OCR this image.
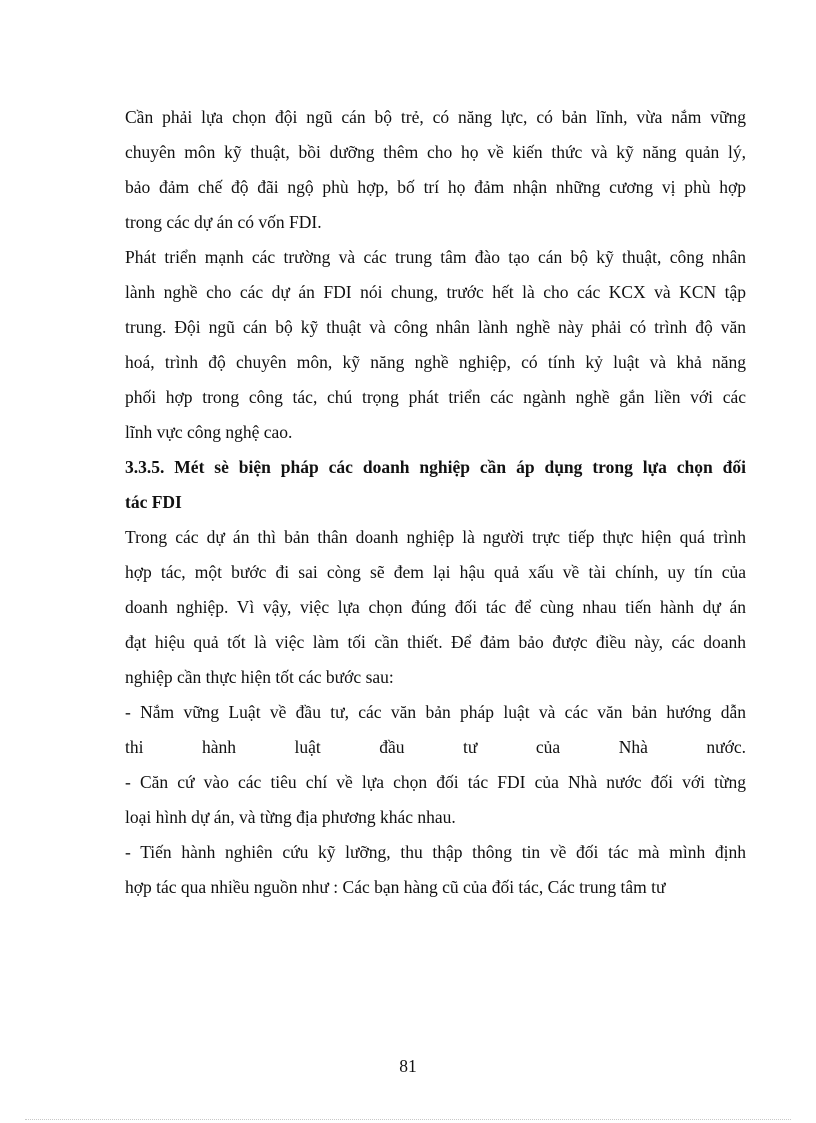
Cần phải lựa chọn đội ngũ cán bộ trẻ, có năng lực, có bản lĩnh, vừa nắm vững
chuyên môn kỹ thuật, bồi dưỡng thêm cho họ về kiến thức và kỹ năng quản lý,
bảo đảm chế độ đãi ngộ phù hợp, bố trí họ đảm nhận những cương vị phù hợp
trong các dự án có vốn FDI.
Phát triển mạnh các trường và các trung tâm đào tạo cán bộ kỹ thuật, công nhân
lành nghề cho các dự án FDI nói chung, trước hết là cho các KCX và KCN tập
trung. Đội ngũ cán bộ kỹ thuật và công nhân lành nghề này phải có trình độ văn
hoá, trình độ chuyên môn, kỹ năng nghề nghiệp, có tính kỷ luật và khả năng
phối hợp trong công tác, chú trọng phát triển các ngành nghề gắn liền với các
lĩnh vực công nghệ cao.
3.3.5. Mét sè biện pháp các doanh nghiệp cần áp dụng trong lựa chọn đối
tác FDI
Trong các dự án thì bản thân doanh nghiệp là người trực tiếp thực hiện quá trình
hợp tác, một bước đi sai còng sẽ đem lại hậu quả xấu về tài chính, uy tín của
doanh nghiệp. Vì vậy, việc lựa chọn đúng đối tác để cùng nhau tiến hành dự án
đạt hiệu quả tốt là việc làm tối cần thiết. Để đảm bảo được điều này, các doanh
nghiệp cần thực hiện tốt các bước sau:
- Nắm vững Luật về đầu tư, các văn bản pháp luật và các văn bản hướng dẫn
thi hành luật đầu tư của Nhà nước.
- Căn cứ vào các tiêu chí về lựa chọn đối tác FDI của Nhà nước đối với từng
loại hình dự án, và từng địa phương khác nhau.
- Tiến hành nghiên cứu kỹ lưỡng, thu thập thông tin về đối tác mà mình định
hợp tác qua nhiều nguồn như : Các bạn hàng cũ của đối tác, Các trung tâm tư
81
